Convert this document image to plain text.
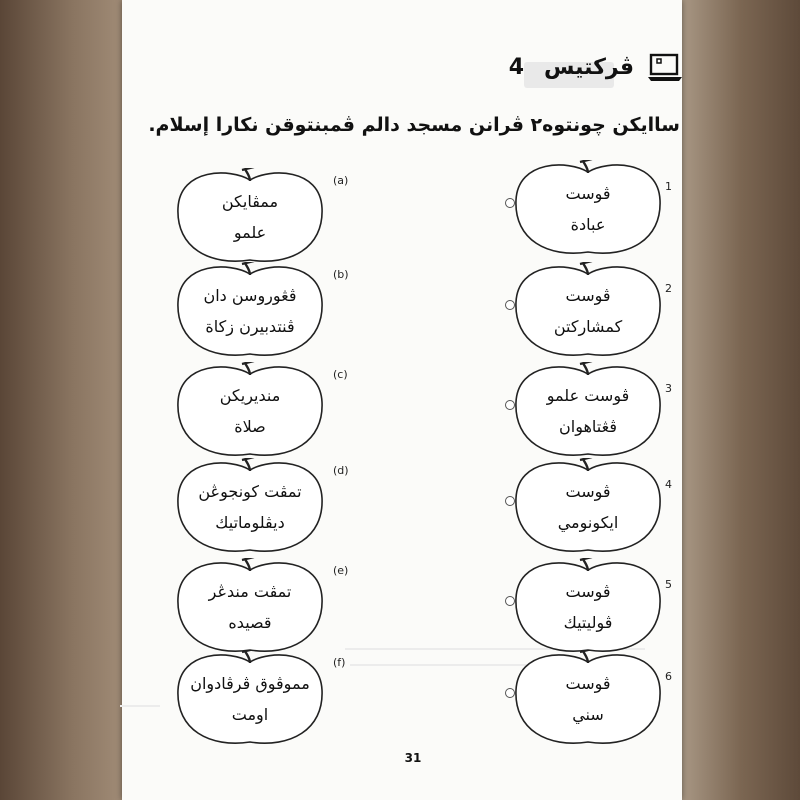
ڤركتيس
4
ساايكن چونتوه٢ ڤرانن مسجد دالم ڤمبنتوقن نكارا إسلام.
ممڤايكن
علمو
(a)
ڤڠوروسن دان
ڤنتدبيرن زكاة
(b)
منديريكن
صلاة
(c)
تمڤت كونجوڠن
ديڤلوماتيك
(d)
تمڤت مندڠر
قصيده
(e)
مموڤوق ڤرڤادوان
اومت
(f)
ڤوست
عبادة
1
ڤوست
كمشاركتن
2
ڤوست علمو
ڤڠتاهوان
3
ڤوست
ايكونومي
4
ڤوست
ڤوليتيك
5
ڤوست
سني
6
31
